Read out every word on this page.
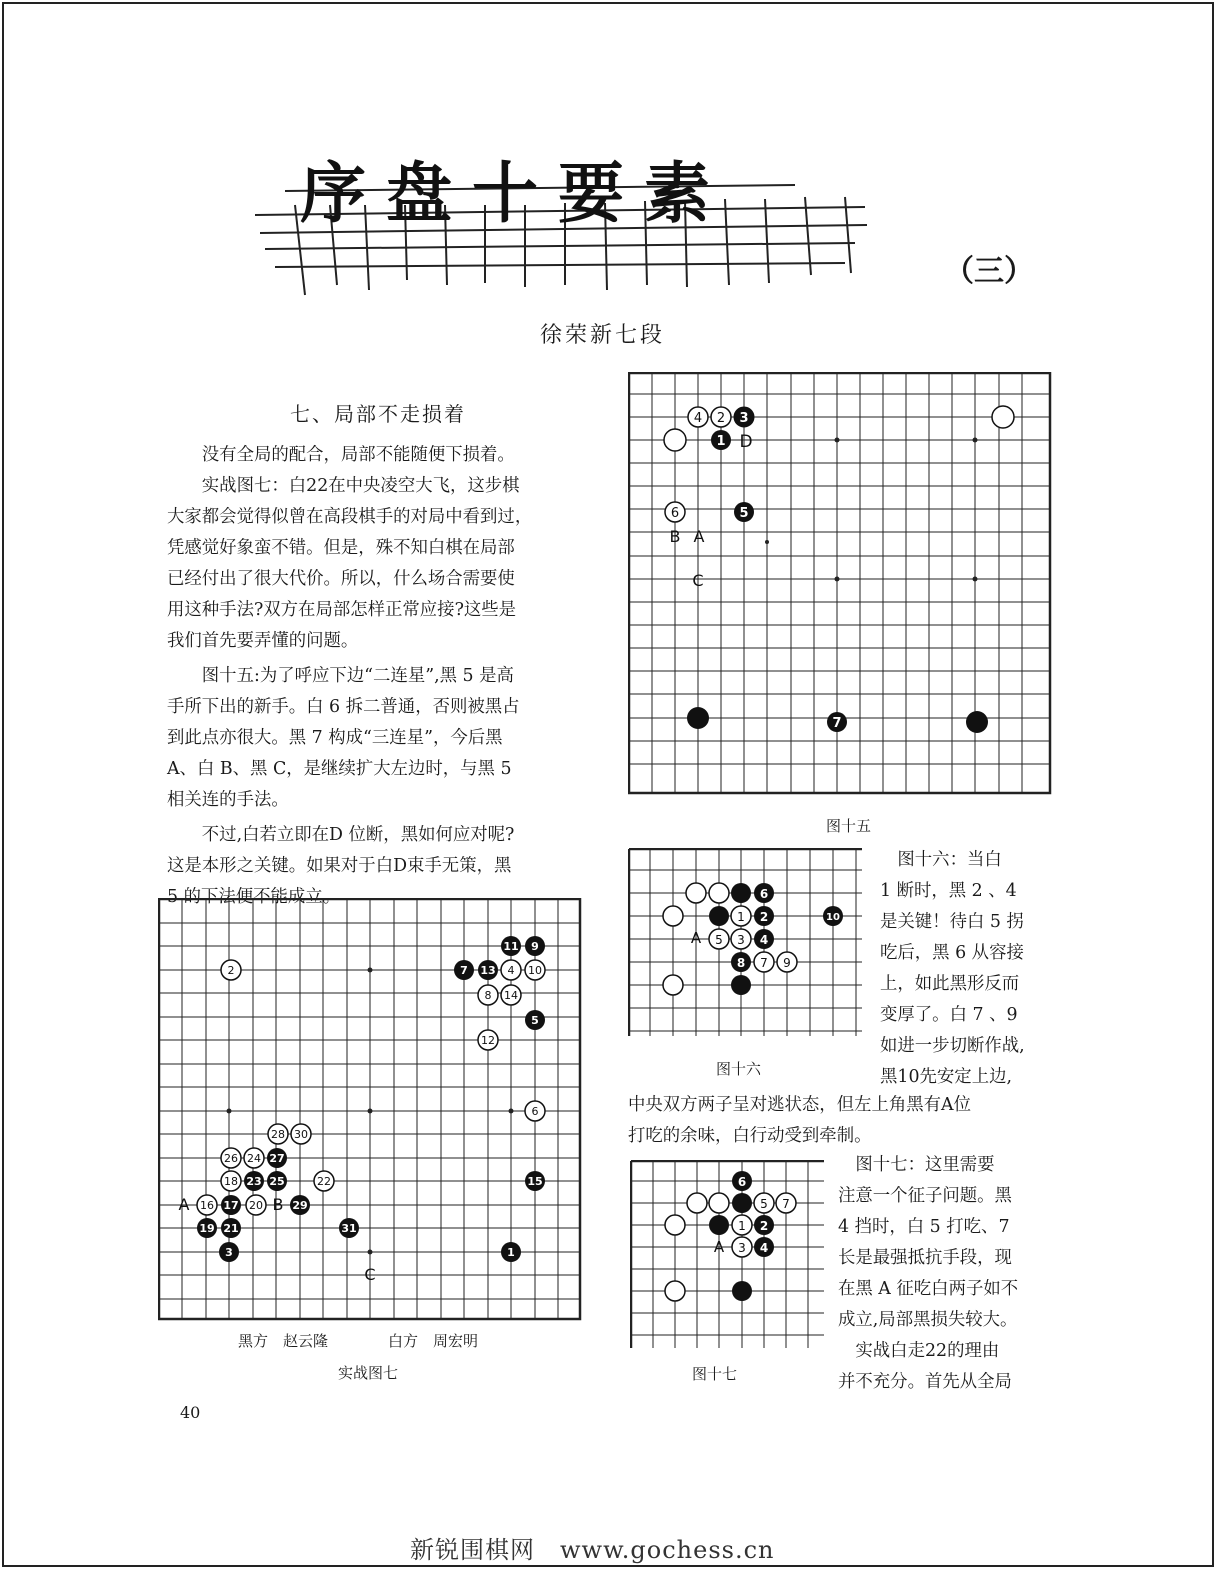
序盘十要素
（三）
徐荣新七段
七、局部不走损着

　　没有全局的配合，局部不能随便下损着。

　　实战图七：白22在中央凌空大飞，这步棋

大家都会觉得似曾在高段棋手的对局中看到过，

凭感觉好象蛮不错。但是，殊不知白棋在局部

已经付出了很大代价。所以，什么场合需要使

用这种手法?双方在局部怎样正常应接?这些是

我们首先要弄懂的问题。

　　图十五:为了呼应下边“二连星”,黑 5 是高

手所下出的新手。白 6 拆二普通，否则被黑占

到此点亦很大。黑 7 构成“三连星”，今后黑

A、白 B、黑 C，是继续扩大左边时，与黑 5

相关连的手法。

　　不过,白若立即在D 位断，黑如何应对呢?

这是本形之关键。如果对于白D束手无策，黑

5 的下法便不能成立。

4 2 3
1 D
6	5
B A
C
7
图十五
6
1 2	10
A 5 3 4
8 7 9
图十六

　图十六：当白

1 断时，黑 2 、4

是关键！待白 5 拐

吃后，黑 6 从容接

上，如此黑形反而

变厚了。白 7 、9

如进一步切断作战,

黑10先安定上边,

中央双方两子呈对逃状态，但左上角黑有A位

打吃的余味，白行动受到牵制。

6
5 7
1 2
A 3 4
图十七

　图十七：这里需要

注意一个征子问题。黑

4 挡时，白 5 打吃、7

长是最强抵抗手段，现

在黑 A 征吃白两子如不

成立,局部黑损失较大。

　实战白走22的理由

并不充分。首先从全局

2
11 9
7 13 4 10
8 14
5
12
6
28 30
26 24 27
18 23 25	22	15
A 16 17 20 B 29
19 21	31
3	1
C
黑方　赵云隆　　　　白方　周宏明
实战图七
40
新锐围棋网　www.gochess.cn
